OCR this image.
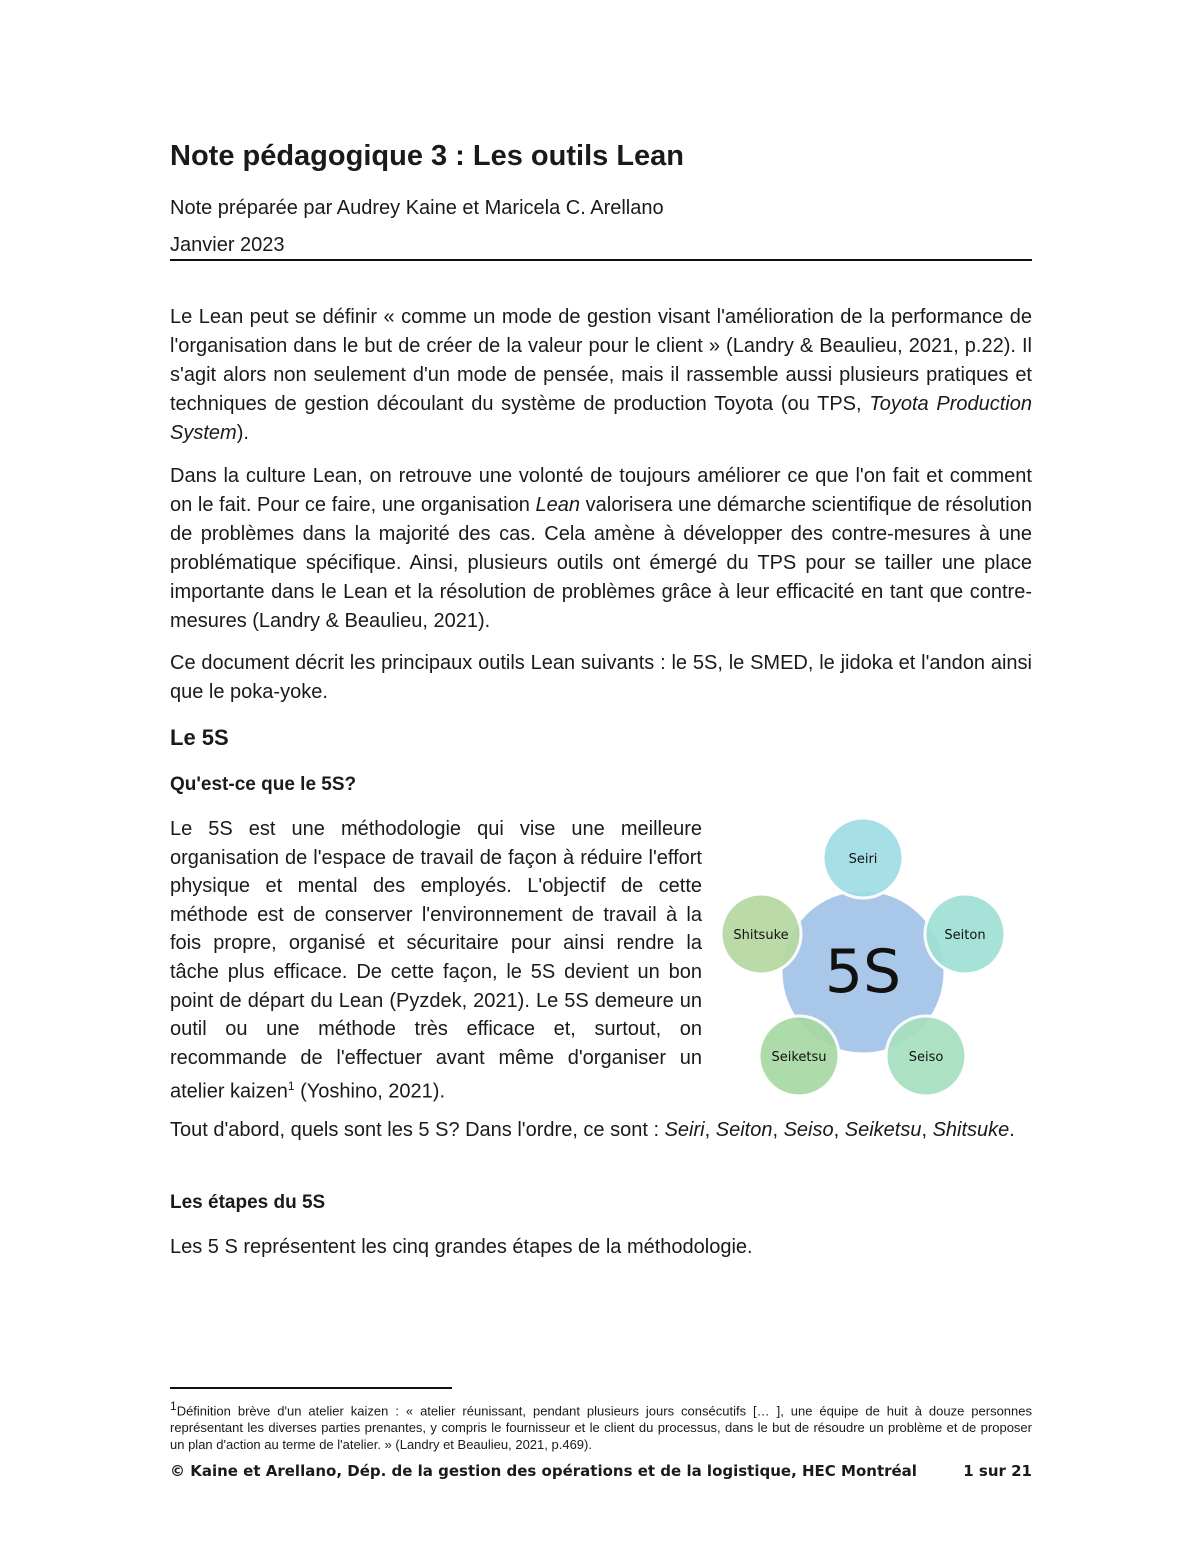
Note pédagogique 3 : Les outils Lean
Note préparée par Audrey Kaine et Maricela C. Arellano
Janvier 2023

Le Lean peut se définir « comme un mode de gestion visant l'amélioration de la performance de l'organisation dans le but de créer de la valeur pour le client » (Landry & Beaulieu, 2021, p.22). Il s'agit alors non seulement d'un mode de pensée, mais il rassemble aussi plusieurs pratiques et techniques de gestion découlant du système de production Toyota (ou TPS, Toyota Production System).

Dans la culture Lean, on retrouve une volonté de toujours améliorer ce que l'on fait et comment on le fait. Pour ce faire, une organisation Lean valorisera une démarche scientifique de résolution de problèmes dans la majorité des cas. Cela amène à développer des contre-mesures à une problématique spécifique. Ainsi, plusieurs outils ont émergé du TPS pour se tailler une place importante dans le Lean et la résolution de problèmes grâce à leur efficacité en tant que contre-mesures (Landry & Beaulieu, 2021).

Ce document décrit les principaux outils Lean suivants : le 5S, le SMED, le jidoka et l'andon ainsi que le poka-yoke.

Le 5S
Qu'est-ce que le 5S?

Le 5S est une méthodologie qui vise une meilleure organisation de l'espace de travail de façon à réduire l'effort physique et mental des employés. L'objectif de cette méthode est de conserver l'environnement de travail à la fois propre, organisé et sécuritaire pour ainsi rendre la tâche plus efficace. De cette façon, le 5S devient un bon point de départ du Lean (Pyzdek, 2021). Le 5S demeure un outil ou une méthode très efficace et, surtout, on recommande de l'effectuer avant même d'organiser un atelier kaizen$^1$ (Yoshino, 2021).

5S
Seiri
Seiton
Seiso
Seiketsu
Shitsuke

Tout d'abord, quels sont les 5 S? Dans l'ordre, ce sont : Seiri, Seiton, Seiso, Seiketsu, Shitsuke.

Les étapes du 5S

Les 5 S représentent les cinq grandes étapes de la méthodologie.

$^1$Définition brève d'un atelier kaizen : « atelier réunissant, pendant plusieurs jours consécutifs [… ], une équipe de huit à douze personnes représentant les diverses parties prenantes, y compris le fournisseur et le client du processus, dans le but de résoudre un problème et de proposer un plan d'action au terme de l'atelier. » (Landry et Beaulieu, 2021, p.469).

© Kaine et Arellano, Dép. de la gestion des opérations et de la logistique, HEC Montréal	1 sur 21
